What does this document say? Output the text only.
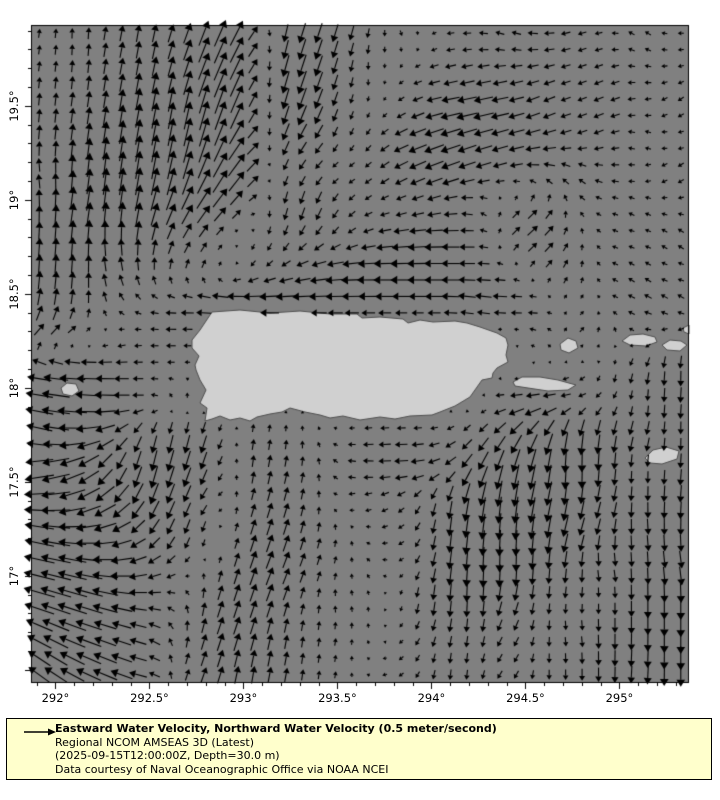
292°	292.5°	293°	293.5°	294°	294.5°	295°
17°
17.5°
18°
18.5°
19°
19.5°
Eastward Water Velocity, Northward Water Velocity (0.5 meter/second)
Regional NCOM AMSEAS 3D (Latest)
(2025-09-15T12:00:00Z, Depth=30.0 m)
Data courtesy of Naval Oceanographic Office via NOAA NCEI
